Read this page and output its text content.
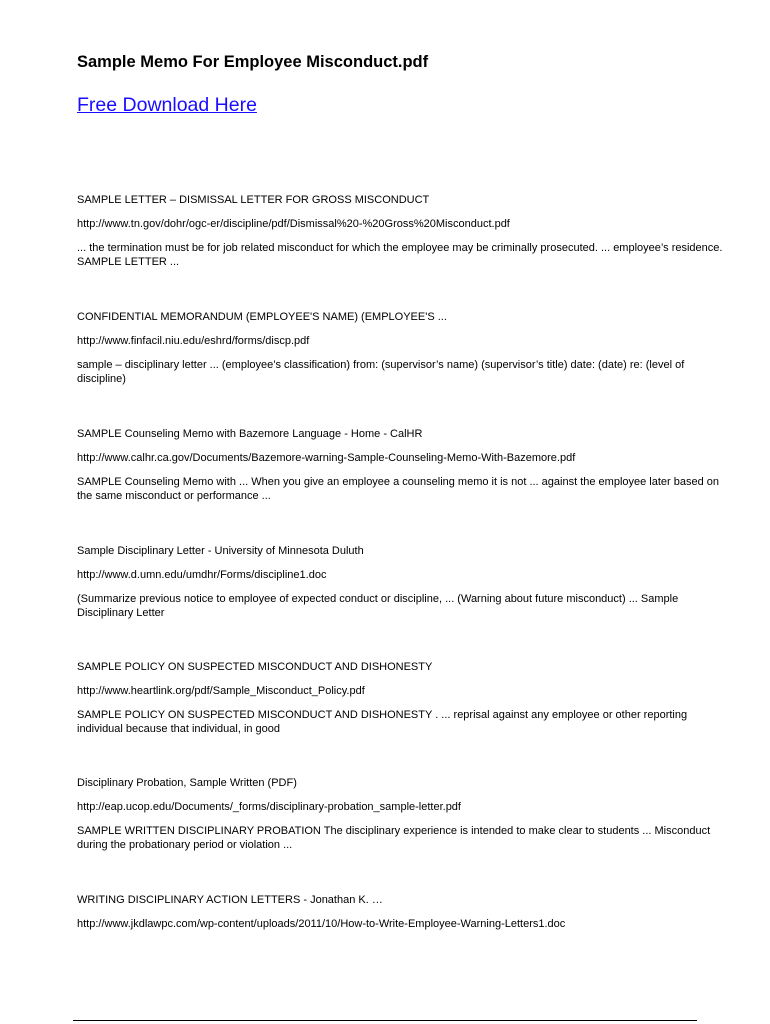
Sample Memo For Employee Misconduct.pdf
Free Download Here

SAMPLE LETTER – DISMISSAL LETTER FOR GROSS MISCONDUCT

http://www.tn.gov/dohr/ogc-er/discipline/pdf/Dismissal%20-%20Gross%20Misconduct.pdf

... the termination must be for job related misconduct for which the employee may be criminally prosecuted. ... employee’s residence. SAMPLE LETTER ...

CONFIDENTIAL MEMORANDUM (EMPLOYEE'S NAME) (EMPLOYEE'S ...

http://www.finfacil.niu.edu/eshrd/forms/discp.pdf

sample – disciplinary letter ... (employee’s classification) from: (supervisor’s name) (supervisor’s title) date: (date) re: (level of discipline)

SAMPLE Counseling Memo with Bazemore Language - Home - CalHR

http://www.calhr.ca.gov/Documents/Bazemore-warning-Sample-Counseling-Memo-With-Bazemore.pdf

SAMPLE Counseling Memo with ... When you give an employee a counseling memo it is not ... against the employee later based on the same misconduct or performance ...

Sample Disciplinary Letter - University of Minnesota Duluth

http://www.d.umn.edu/umdhr/Forms/discipline1.doc

(Summarize previous notice to employee of expected conduct or discipline, ... (Warning about future misconduct) ... Sample Disciplinary Letter

SAMPLE POLICY ON SUSPECTED MISCONDUCT AND DISHONESTY

http://www.heartlink.org/pdf/Sample_Misconduct_Policy.pdf

SAMPLE POLICY ON SUSPECTED MISCONDUCT AND DISHONESTY . ... reprisal against any employee or other reporting individual because that individual, in good

Disciplinary Probation, Sample Written (PDF)

http://eap.ucop.edu/Documents/_forms/disciplinary-probation_sample-letter.pdf

SAMPLE WRITTEN DISCIPLINARY PROBATION The disciplinary experience is intended to make clear to students ... Misconduct during the probationary period or violation ...

WRITING DISCIPLINARY ACTION LETTERS - Jonathan K. …

http://www.jkdlawpc.com/wp-content/uploads/2011/10/How-to-Write-Employee-Warning-Letters1.doc
